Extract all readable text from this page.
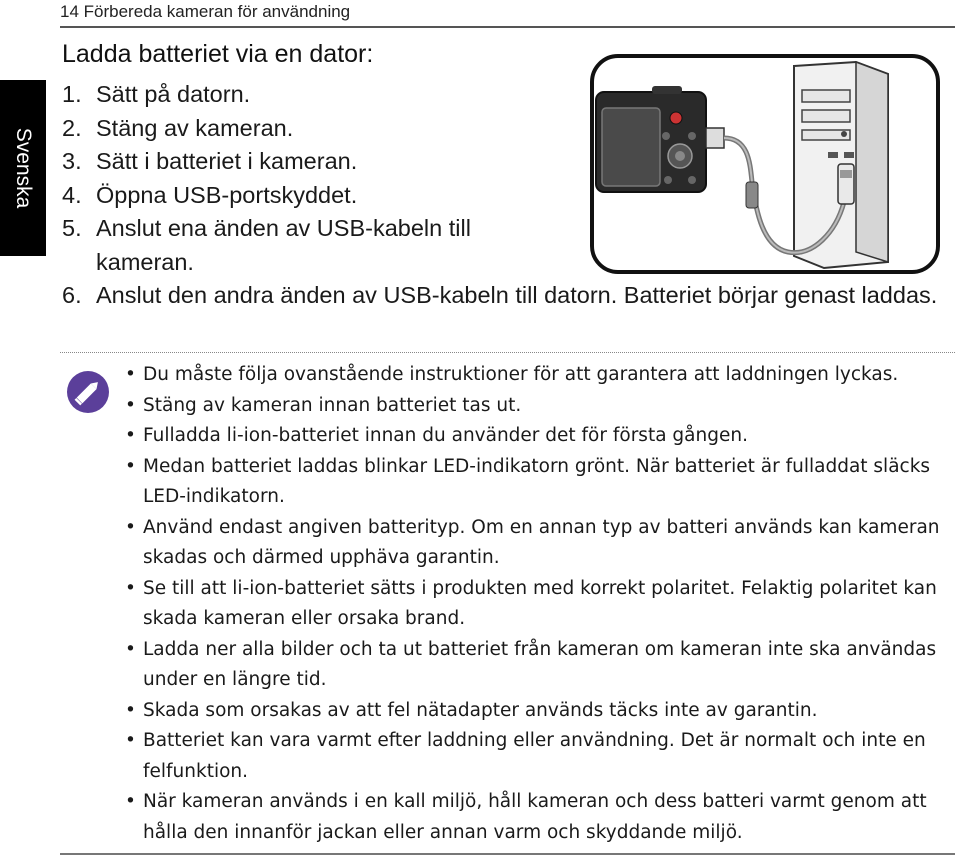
14 Förbereda kameran för användning
Svenska
Ladda batteriet via en dator:
1. Sätt på datorn.
2. Stäng av kameran.
3. Sätt i batteriet i kameran.
4. Öppna USB-portskyddet.
5. Anslut ena änden av USB-kabeln till kameran.
6. Anslut den andra änden av USB-kabeln till datorn. Batteriet börjar genast laddas.
• Du måste följa ovanstående instruktioner för att garantera att laddningen lyckas.
• Stäng av kameran innan batteriet tas ut.
• Fulladda li-ion-batteriet innan du använder det för första gången.
• Medan batteriet laddas blinkar LED-indikatorn grönt. När batteriet är fulladdat släcks LED-indikatorn.
• Använd endast angiven batterityp. Om en annan typ av batteri används kan kameran skadas och därmed upphäva garantin.
• Se till att li-ion-batteriet sätts i produkten med korrekt polaritet. Felaktig polaritet kan skada kameran eller orsaka brand.
• Ladda ner alla bilder och ta ut batteriet från kameran om kameran inte ska användas under en längre tid.
• Skada som orsakas av att fel nätadapter används täcks inte av garantin.
• Batteriet kan vara varmt efter laddning eller användning. Det är normalt och inte en felfunktion.
• När kameran används i en kall miljö, håll kameran och dess batteri varmt genom att hålla den innanför jackan eller annan varm och skyddande miljö.
